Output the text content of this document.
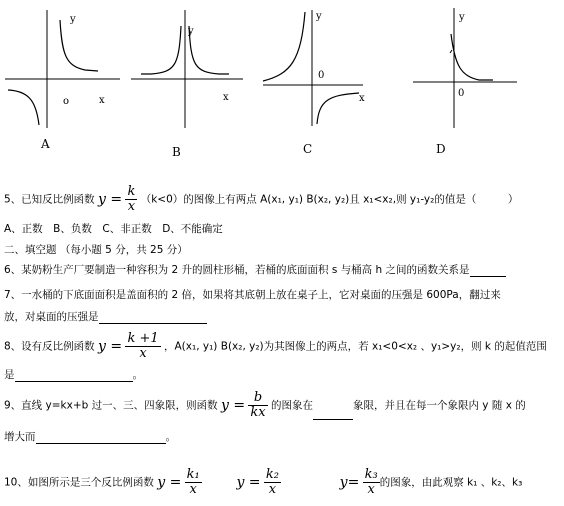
y
x
o
A
y
x
B
y
x
0
C
y
0
D
5、已知反比例函数 $y = \frac{k}{x} (k<0)$的图像上有两点 A(x₁, y₁) B(x₂, y₂)且 x₁<x₂,则 y₁-y₂的值是（　　　）
A、正数　B、负数　C、非正数　D、不能确定
二、填空题 （每小题 5 分，共 25 分）
6、某奶粉生产厂要制造一种容积为 2 升的圆柱形桶，若桶的底面面积 s 与桶高 h 之间的函数关系是
7、一水桶的下底面面积是盖面积的 2 倍，如果将其底朝上放在桌子上，它对桌面的压强是 600Pa，翻过来
放，对桌面的压强是
8、设有反比例函数 $y = \frac{k +1}{x}$ ，A(x₁, y₁) B(x₂, y₂)为其图像上的两点，若 x₁<0<x₂ 、y₁>y₂，则 k 的起值范围
是	。
9、直线 y=kx+b 过一、三、四象限，则函数 $y = \frac{b}{kx}$ 的图象在	象限，并且在每一个象限内 y 随 x 的
增大而	。
10、如图所示是三个反比例函数 $y = \frac{\text{k₁}}{x}$ $y = \frac{\text{k₂}}{x}$	$y= \frac{\text{k₃}}{x}$ 的图象，由此观察 k₁ 、k₂、k₃
